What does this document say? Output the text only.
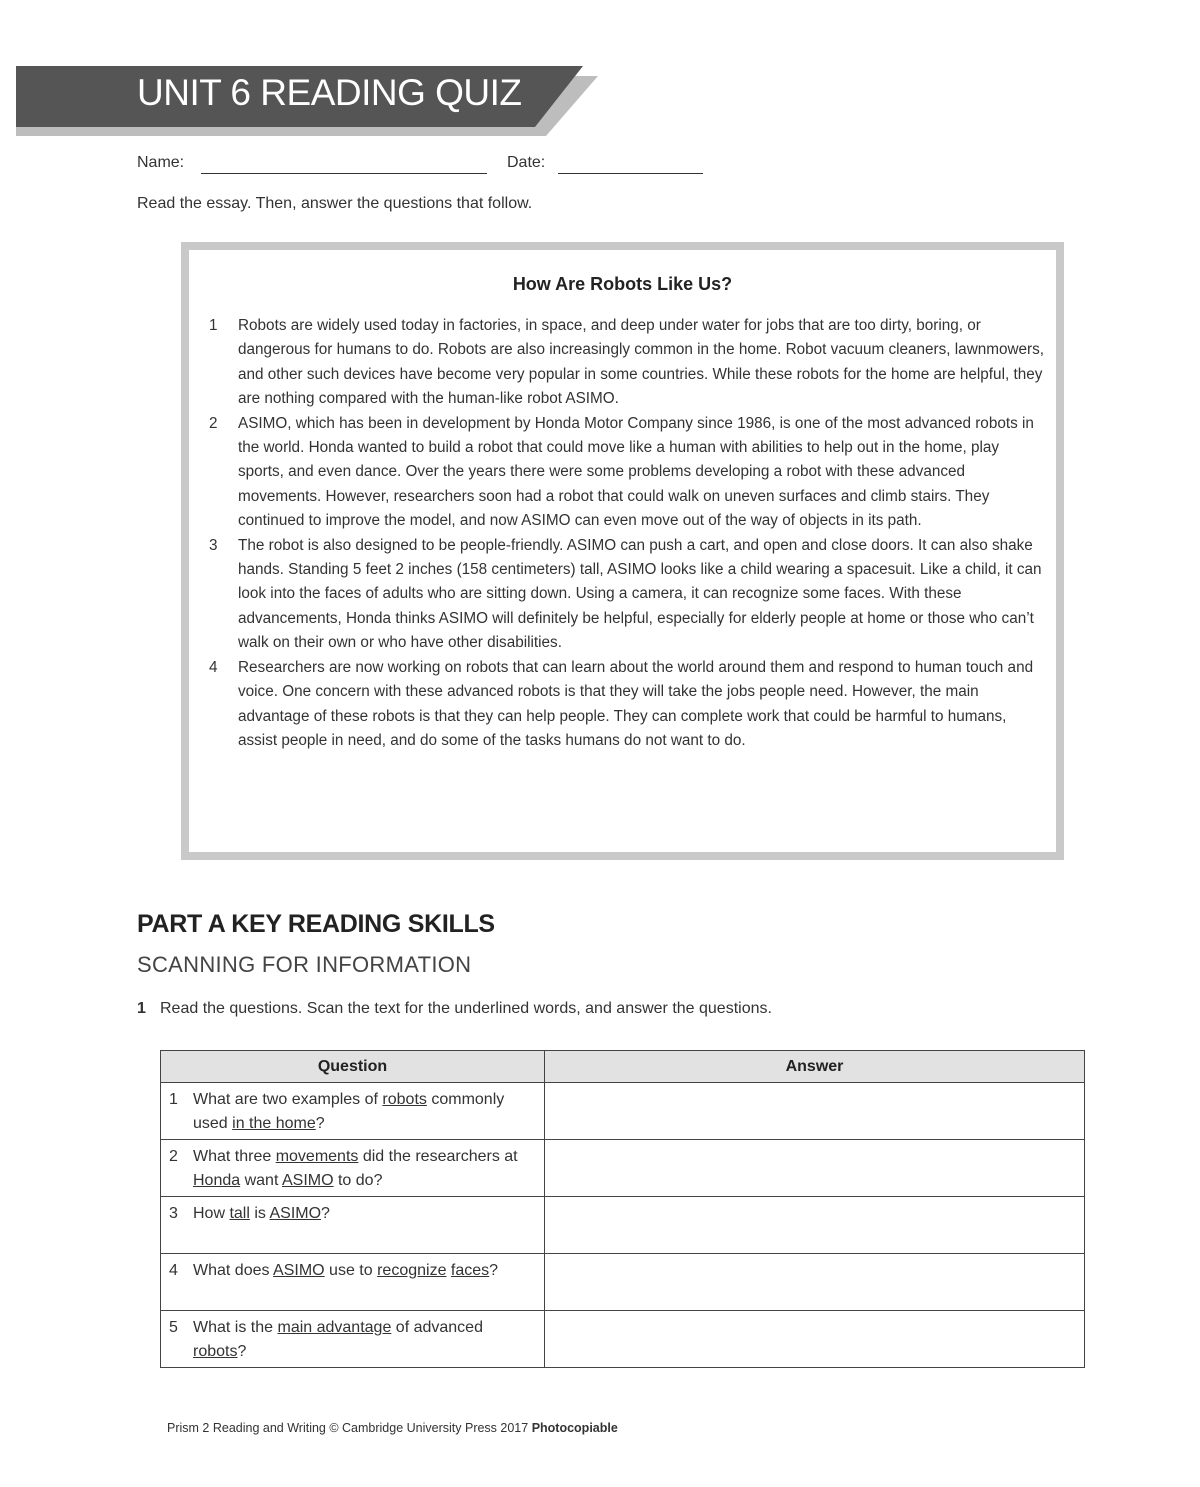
UNIT 6 READING QUIZ
Name:	Date:
Read the essay. Then, answer the questions that follow.
How Are Robots Like Us?
1	Robots are widely used today in factories, in space, and deep under water for jobs that are too dirty, boring, or dangerous for humans to do. Robots are also increasingly common in the home. Robot vacuum cleaners, lawnmowers, and other such devices have become very popular in some countries. While these robots for the home are helpful, they are nothing compared with the human-like robot ASIMO.
2	ASIMO, which has been in development by Honda Motor Company since 1986, is one of the most advanced robots in the world. Honda wanted to build a robot that could move like a human with abilities to help out in the home, play sports, and even dance. Over the years there were some problems developing a robot with these advanced movements. However, researchers soon had a robot that could walk on uneven surfaces and climb stairs. They continued to improve the model, and now ASIMO can even move out of the way of objects in its path.
3	The robot is also designed to be people-friendly. ASIMO can push a cart, and open and close doors. It can also shake hands. Standing 5 feet 2 inches (158 centimeters) tall, ASIMO looks like a child wearing a spacesuit. Like a child, it can look into the faces of adults who are sitting down. Using a camera, it can recognize some faces. With these advancements, Honda thinks ASIMO will definitely be helpful, especially for elderly people at home or those who can’t walk on their own or who have other disabilities.
4	Researchers are now working on robots that can learn about the world around them and respond to human touch and voice. One concern with these advanced robots is that they will take the jobs people need. However, the main advantage of these robots is that they can help people. They can complete work that could be harmful to humans, assist people in need, and do some of the tasks humans do not want to do.
PART A KEY READING SKILLS
SCANNING FOR INFORMATION
1 Read the questions. Scan the text for the underlined words, and answer the questions.
Question	Answer

1 What are two examples of robots commonly used in the home?	

2 What three movements did the researchers at Honda want ASIMO to do?	

3 How tall is ASIMO?	

4 What does ASIMO use to recognize faces?	

5 What is the main advantage of advanced robots?	

Prism 2 Reading and Writing © Cambridge University Press 2017 Photocopiable
